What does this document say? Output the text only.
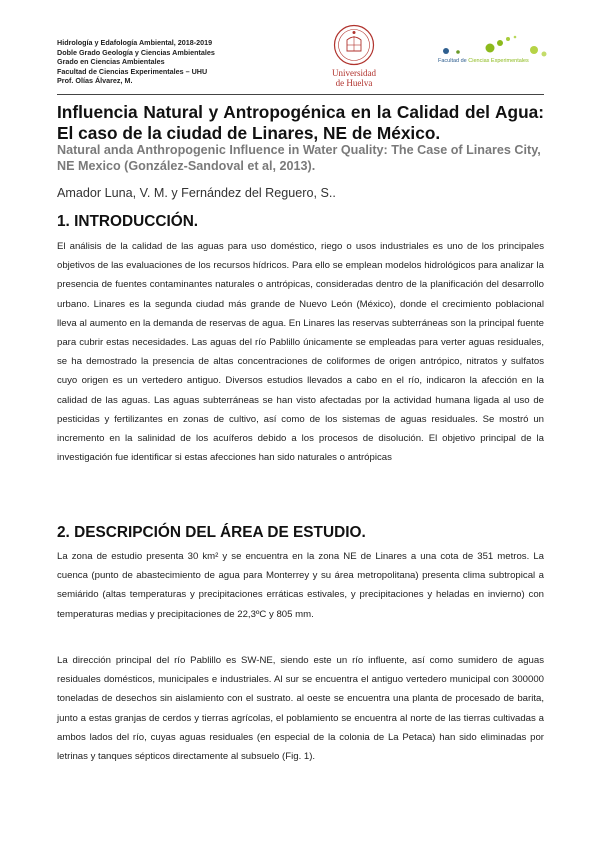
Hidrología y Edafología Ambiental, 2018-2019
Doble Grado Geología y Ciencias Ambientales
Grado en Ciencias Ambientales
Facultad de Ciencias Experimentales – UHU
Prof. Olías Álvarez, M.
Universidad
de Huelva
Facultad de Ciencias Experimentales
Influencia Natural y Antropogénica en la Calidad del Agua: El caso de la ciudad de Linares, NE de México.

Natural anda Anthropogenic Influence in Water Quality: The Case of Linares City, NE Mexico (González-Sandoval et al, 2013).

Amador Luna, V. M. y Fernández del Reguero, S..

1. INTRODUCCIÓN.

El análisis de la calidad de las aguas para uso doméstico, riego o usos industriales es uno de los principales objetivos de las evaluaciones de los recursos hídricos. Para ello se emplean modelos hidrológicos para analizar la presencia de fuentes contaminantes naturales o antrópicas, consideradas dentro de la planificación del desarrollo urbano. Linares es la segunda ciudad más grande de Nuevo León (México), donde el crecimiento poblacional lleva al aumento en la demanda de reservas de agua. En Linares las reservas subterráneas son la principal fuente para cubrir estas necesidades. Las aguas del río Pablillo únicamente se empleadas para verter aguas residuales, se ha demostrado la presencia de altas concentraciones de coliformes de origen antrópico, nitratos y sulfatos cuyo origen es un vertedero antiguo. Diversos estudios llevados a cabo en el río, indicaron la afección en la calidad de las aguas. Las aguas subterráneas se han visto afectadas por la actividad humana ligada al uso de pesticidas y fertilizantes en zonas de cultivo, así como de los sistemas de aguas residuales. Se mostró un incremento en la salinidad de los acuíferos debido a los procesos de disolución. El objetivo principal de la investigación fue identificar si estas afecciones han sido naturales o antrópicas

2. DESCRIPCIÓN DEL ÁREA DE ESTUDIO.

La zona de estudio presenta 30 km² y se encuentra en la zona NE de Linares a una cota de 351 metros. La cuenca (punto de abastecimiento de agua para Monterrey y su área metropolitana) presenta clima subtropical a semiárido (altas temperaturas y precipitaciones erráticas estivales, y precipitaciones y heladas en invierno) con temperaturas medias y precipitaciones de 22,3ºC y 805 mm.

La dirección principal del río Pablillo es SW-NE, siendo este un río influente, así como sumidero de aguas residuales domésticos, municipales e industriales. Al sur se encuentra el antiguo vertedero municipal con 300000 toneladas de desechos sin aislamiento con el sustrato. al oeste se encuentra una planta de procesado de barita, junto a estas granjas de cerdos y tierras agrícolas, el poblamiento se encuentra al norte de las tierras cultivadas a ambos lados del río, cuyas aguas residuales (en especial de la colonia de La Petaca) han sido eliminadas por letrinas y tanques sépticos directamente al subsuelo (Fig. 1).
